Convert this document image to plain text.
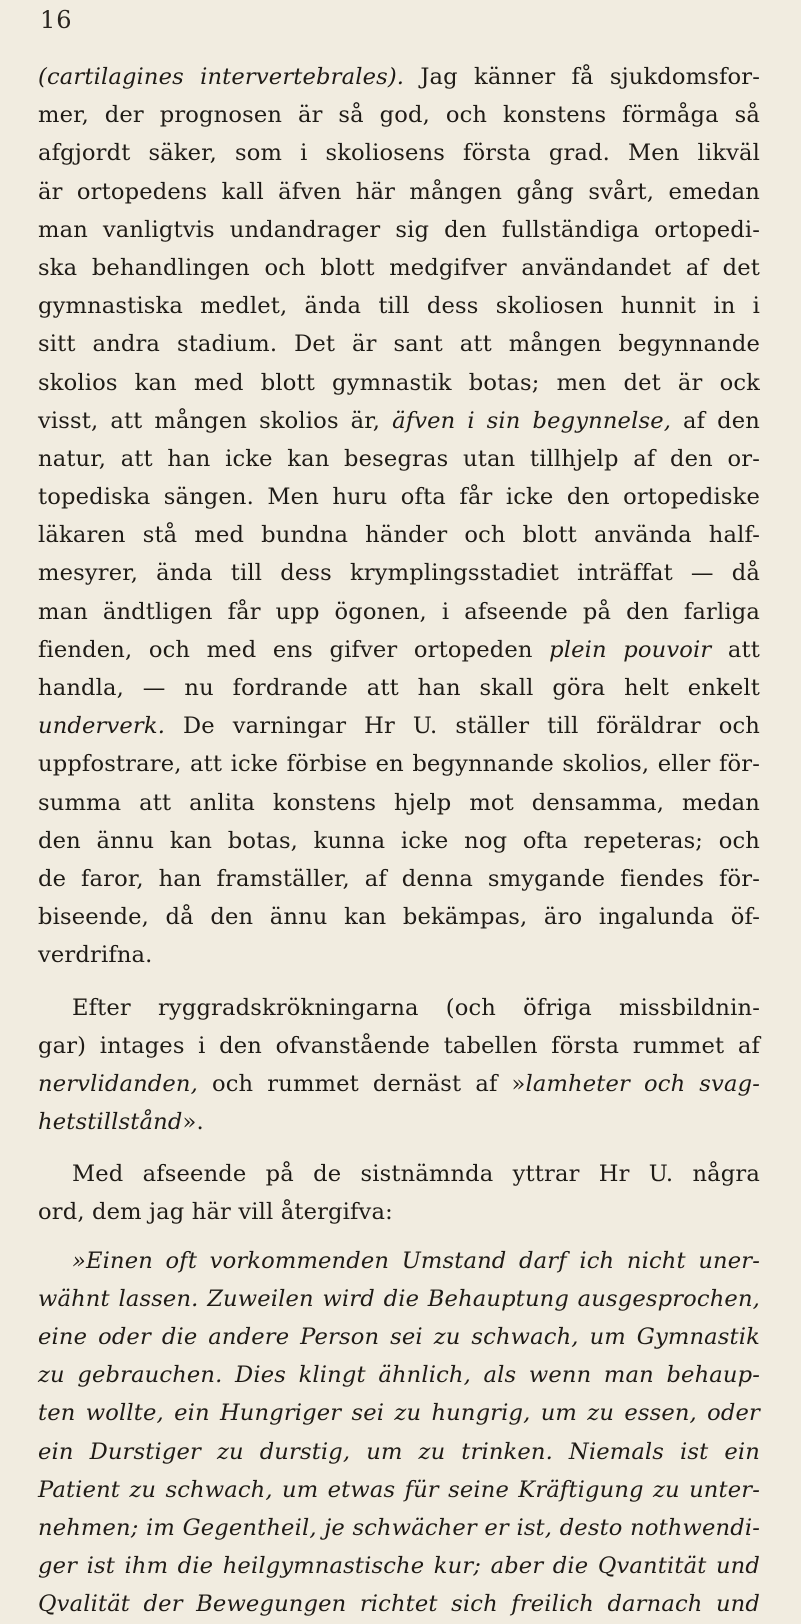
16
(cartilagines intervertebrales). Jag känner få sjukdomsfor-
mer, der prognosen är så god, och konstens förmåga så
afgjordt säker, som i skoliosens första grad. Men likväl
är ortopedens kall äfven här mången gång svårt, emedan
man vanligtvis undandrager sig den fullständiga ortopedi-
ska behandlingen och blott medgifver användandet af det
gymnastiska medlet, ända till dess skoliosen hunnit in i
sitt andra stadium. Det är sant att mången begynnande
skolios kan med blott gymnastik botas; men det är ock
visst, att mången skolios är, äfven i sin begynnelse, af den
natur, att han icke kan besegras utan tillhjelp af den or-
topediska sängen. Men huru ofta får icke den ortopediske
läkaren stå med bundna händer och blott använda half-
mesyrer, ända till dess krymplingsstadiet inträffat — då
man ändtligen får upp ögonen, i afseende på den farliga
fienden, och med ens gifver ortopeden plein pouvoir att
handla, — nu fordrande att han skall göra helt enkelt
underverk. De varningar Hr U. ställer till föräldrar och
uppfostrare, att icke förbise en begynnande skolios, eller för-
summa att anlita konstens hjelp mot densamma, medan
den ännu kan botas, kunna icke nog ofta repeteras; och
de faror, han framställer, af denna smygande fiendes för-
biseende, då den ännu kan bekämpas, äro ingalunda öf-
verdrifna.
Efter ryggradskrökningarna (och öfriga missbildnin-
gar) intages i den ofvanstående tabellen första rummet af
nervlidanden, och rummet dernäst af »lamheter och svag-
hetstillstånd».
Med afseende på de sistnämnda yttrar Hr U. några
ord, dem jag här vill återgifva:
»Einen oft vorkommenden Umstand darf ich nicht uner-
wähnt lassen. Zuweilen wird die Behauptung ausgesprochen,
eine oder die andere Person sei zu schwach, um Gymnastik
zu gebrauchen. Dies klingt ähnlich, als wenn man behaup-
ten wollte, ein Hungriger sei zu hungrig, um zu essen, oder
ein Durstiger zu durstig, um zu trinken. Niemals ist ein
Patient zu schwach, um etwas für seine Kräftigung zu unter-
nehmen; im Gegentheil, je schwächer er ist, desto nothwendi-
ger ist ihm die heilgymnastische kur; aber die Qvantität und
Qvalität der Bewegungen richtet sich freilich darnach und
